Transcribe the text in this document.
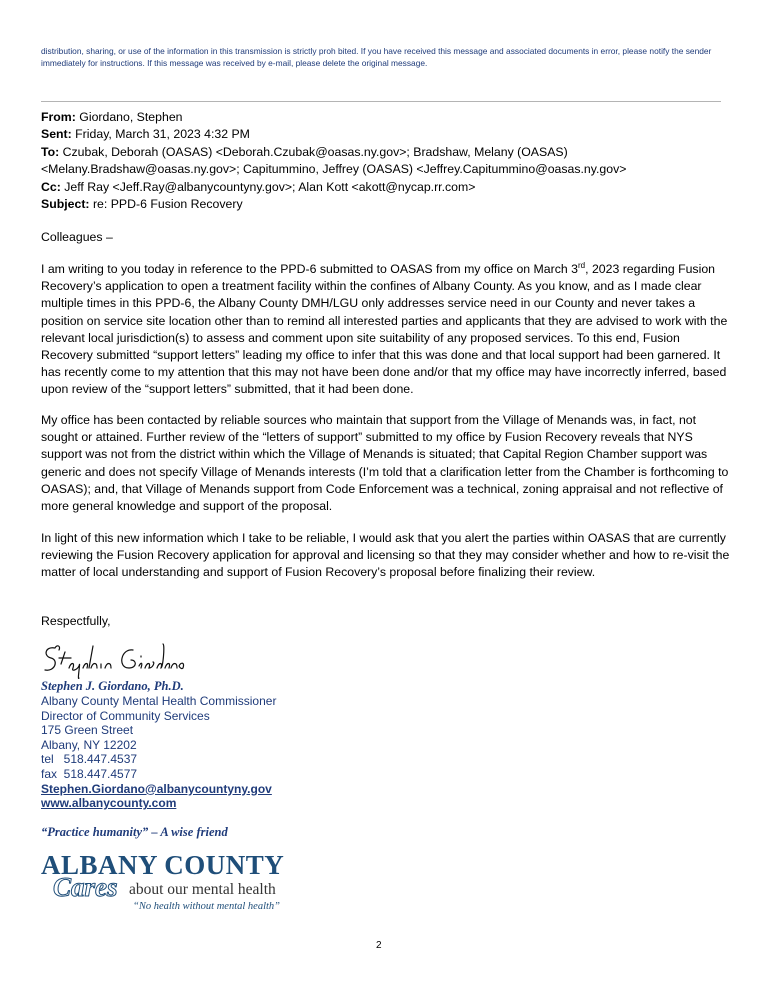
distribution, sharing, or use of the information in this transmission is strictly proh bited. If you have received this message and associated documents in error, please notify the sender immediately for instructions. If this message was received by e-mail, please delete the original message.
From: Giordano, Stephen
Sent: Friday, March 31, 2023 4:32 PM
To: Czubak, Deborah (OASAS) <Deborah.Czubak@oasas.ny.gov>; Bradshaw, Melany (OASAS)
<Melany.Bradshaw@oasas.ny.gov>; Capitummino, Jeffrey (OASAS) <Jeffrey.Capitummino@oasas.ny.gov>
Cc: Jeff Ray <Jeff.Ray@albanycountyny.gov>; Alan Kott <akott@nycap.rr.com>
Subject: re: PPD-6 Fusion Recovery
Colleagues –
I am writing to you today in reference to the PPD-6 submitted to OASAS from my office on March 3rd, 2023 regarding Fusion Recovery’s application to open a treatment facility within the confines of Albany County. As you know, and as I made clear multiple times in this PPD-6, the Albany County DMH/LGU only addresses service need in our County and never takes a position on service site location other than to remind all interested parties and applicants that they are advised to work with the relevant local jurisdiction(s) to assess and comment upon site suitability of any proposed services. To this end, Fusion Recovery submitted “support letters” leading my office to infer that this was done and that local support had been garnered. It has recently come to my attention that this may not have been done and/or that my office may have incorrectly inferred, based upon review of the “support letters” submitted, that it had been done.
My office has been contacted by reliable sources who maintain that support from the Village of Menands was, in fact, not sought or attained. Further review of the “letters of support” submitted to my office by Fusion Recovery reveals that NYS support was not from the district within which the Village of Menands is situated; that Capital Region Chamber support was generic and does not specify Village of Menands interests (I’m told that a clarification letter from the Chamber is forthcoming to OASAS); and, that Village of Menands support from Code Enforcement was a technical, zoning appraisal and not reflective of more general knowledge and support of the proposal.
In light of this new information which I take to be reliable, I would ask that you alert the parties within OASAS that are currently reviewing the Fusion Recovery application for approval and licensing so that they may consider whether and how to re-visit the matter of local understanding and support of Fusion Recovery’s proposal before finalizing their review.
Respectfully,
Stephen J. Giordano, Ph.D.
Albany County Mental Health Commissioner
Director of Community Services
175 Green Street
Albany, NY 12202
tel   518.447.4537
fax  518.447.4577
Stephen.Giordano@albanycountyny.gov
www.albanycounty.com
“Practice humanity” – A wise friend
ALBANY COUNTY
Cares about our mental health
“No health without mental health”
2
